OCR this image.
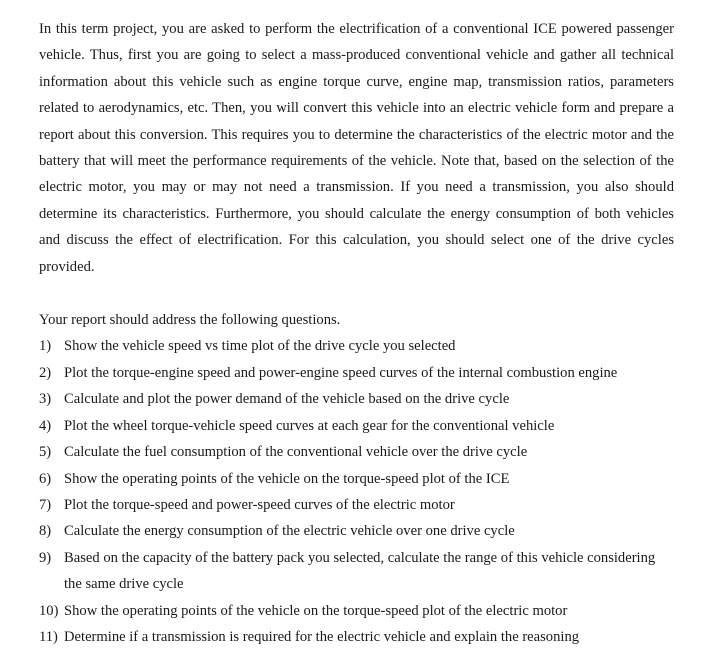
In this term project, you are asked to perform the electrification of a conventional ICE powered passenger vehicle. Thus, first you are going to select a mass-produced conventional vehicle and gather all technical information about this vehicle such as engine torque curve, engine map, transmission ratios, parameters related to aerodynamics, etc. Then, you will convert this vehicle into an electric vehicle form and prepare a report about this conversion. This requires you to determine the characteristics of the electric motor and the battery that will meet the performance requirements of the vehicle. Note that, based on the selection of the electric motor, you may or may not need a transmission. If you need a transmission, you also should determine its characteristics. Furthermore, you should calculate the energy consumption of both vehicles and discuss the effect of electrification. For this calculation, you should select one of the drive cycles provided.

Your report should address the following questions.

1) Show the vehicle speed vs time plot of the drive cycle you selected
2) Plot the torque-engine speed and power-engine speed curves of the internal combustion engine
3) Calculate and plot the power demand of the vehicle based on the drive cycle
4) Plot the wheel torque-vehicle speed curves at each gear for the conventional vehicle
5) Calculate the fuel consumption of the conventional vehicle over the drive cycle
6) Show the operating points of the vehicle on the torque-speed plot of the ICE
7) Plot the torque-speed and power-speed curves of the electric motor
8) Calculate the energy consumption of the electric vehicle over one drive cycle
9) Based on the capacity of the battery pack you selected, calculate the range of this vehicle considering the same drive cycle
10) Show the operating points of the vehicle on the torque-speed plot of the electric motor
11) Determine if a transmission is required for the electric vehicle and explain the reasoning
